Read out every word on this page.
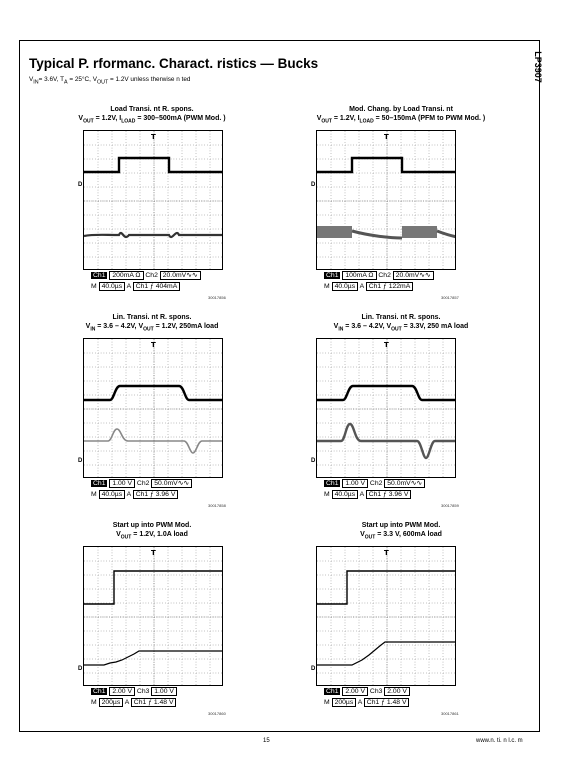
LP3907
Typical P. rformanc. Charact. ristics — Bucks
$V_{IN}= 3.6V$, $T_A = 25^\circ C$, $V_{OUT} = 1.2V$ unless therwise n ted
Load Transi. nt R. spons.
$V_{OUT} = 1.2V$, $I_{LOAD} = 300-500mA$ (PWM Mod. )
T
Ch1 200mA Ω Ch2 20.0mV∿∿
M 40.0µs A Ch1 ƒ 404mA
30017856
D
Mod. Chang. by Load Transi. nt
$V_{OUT} = 1.2V$, $I_{LOAD} = 50-150mA$ (PFM to PWM Mod. )
T
Ch1 100mA Ω Ch2 20.0mV∿∿
M 40.0µs A Ch1 ƒ 122mA
30017857
D
Lin. Transi. nt R. spons.
$V_{IN} = 3.6 - 4.2V$, $V_{OUT} = 1.2V$, 250mA load
T
Ch1 1.00 V Ch2 50.0mV∿∿
M 40.0µs A Ch1 ƒ 3.96 V
30017858
D
Lin. Transi. nt R. spons.
$V_{IN} = 3.6 - 4.2V$, $V_{OUT} = 3.3V$, 250 mA load
T
Ch1 1.00 V Ch2 50.0mV∿∿
M 40.0µs A Ch1 ƒ 3.96 V
30017859
D
Start up into PWM Mod.
$V_{OUT} = 1.2V$, 1.0A load
T
Ch1 2.00 V Ch3 1.00 V
M 200µs A Ch1 ƒ 1.48 V
30017860
D
Start up into PWM Mod.
$V_{OUT} = 3.3$ V, 600mA load
T
Ch1 2.00 V Ch3 2.00 V
M 200µs A Ch1 ƒ 1.48 V
30017861
D
15	www.n. ti. n l.c. m
